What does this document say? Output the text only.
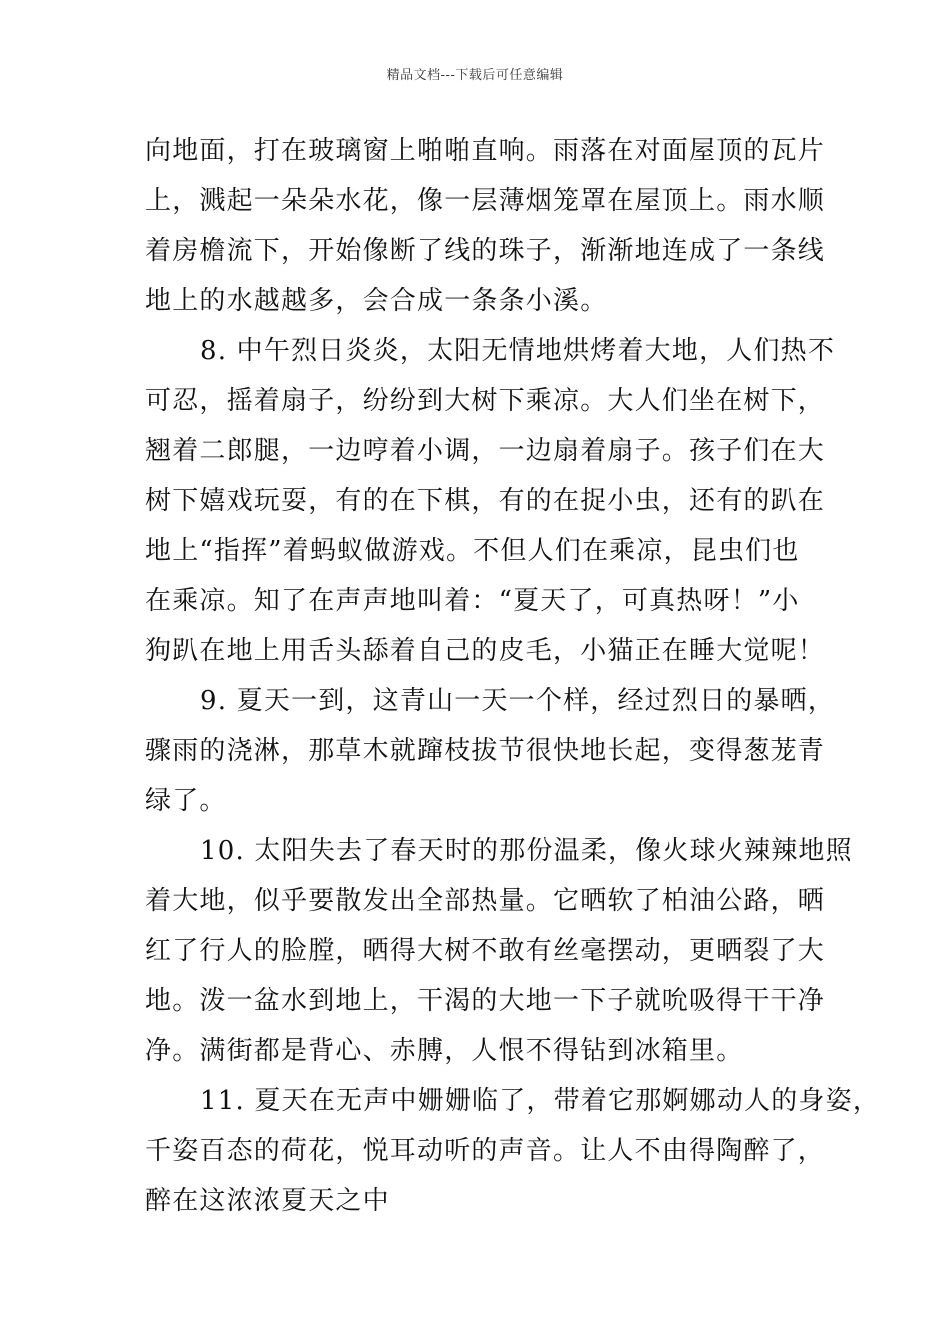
精品文档---下载后可任意编辑
向地面，打在玻璃窗上啪啪直响。雨落在对面屋顶的瓦片
上，溅起一朵朵水花，像一层薄烟笼罩在屋顶上。雨水顺
着房檐流下，开始像断了线的珠子，渐渐地连成了一条线
地上的水越越多，会合成一条条小溪。
8. 中午烈日炎炎，太阳无情地烘烤着大地，人们热不
可忍，摇着扇子，纷纷到大树下乘凉。大人们坐在树下，
翘着二郎腿，一边哼着小调，一边扇着扇子。孩子们在大
树下嬉戏玩耍，有的在下棋，有的在捉小虫，还有的趴在
地上“指挥”着蚂蚁做游戏。不但人们在乘凉，昆虫们也
在乘凉。知了在声声地叫着：“夏天了，可真热呀！”小
狗趴在地上用舌头舔着自己的皮毛，小猫正在睡大觉呢！
9. 夏天一到，这青山一天一个样，经过烈日的暴晒，
骤雨的浇淋，那草木就蹿枝拔节很快地长起，变得葱茏青
绿了。
10. 太阳失去了春天时的那份温柔，像火球火辣辣地照
着大地，似乎要散发出全部热量。它晒软了柏油公路，晒
红了行人的脸膛，晒得大树不敢有丝毫摆动，更晒裂了大
地。泼一盆水到地上，干渴的大地一下子就吮吸得干干净
净。满街都是背心、赤膊，人恨不得钻到冰箱里。
11. 夏天在无声中姗姗临了，带着它那婀娜动人的身姿，
千姿百态的荷花，悦耳动听的声音。让人不由得陶醉了，
醉在这浓浓夏天之中
